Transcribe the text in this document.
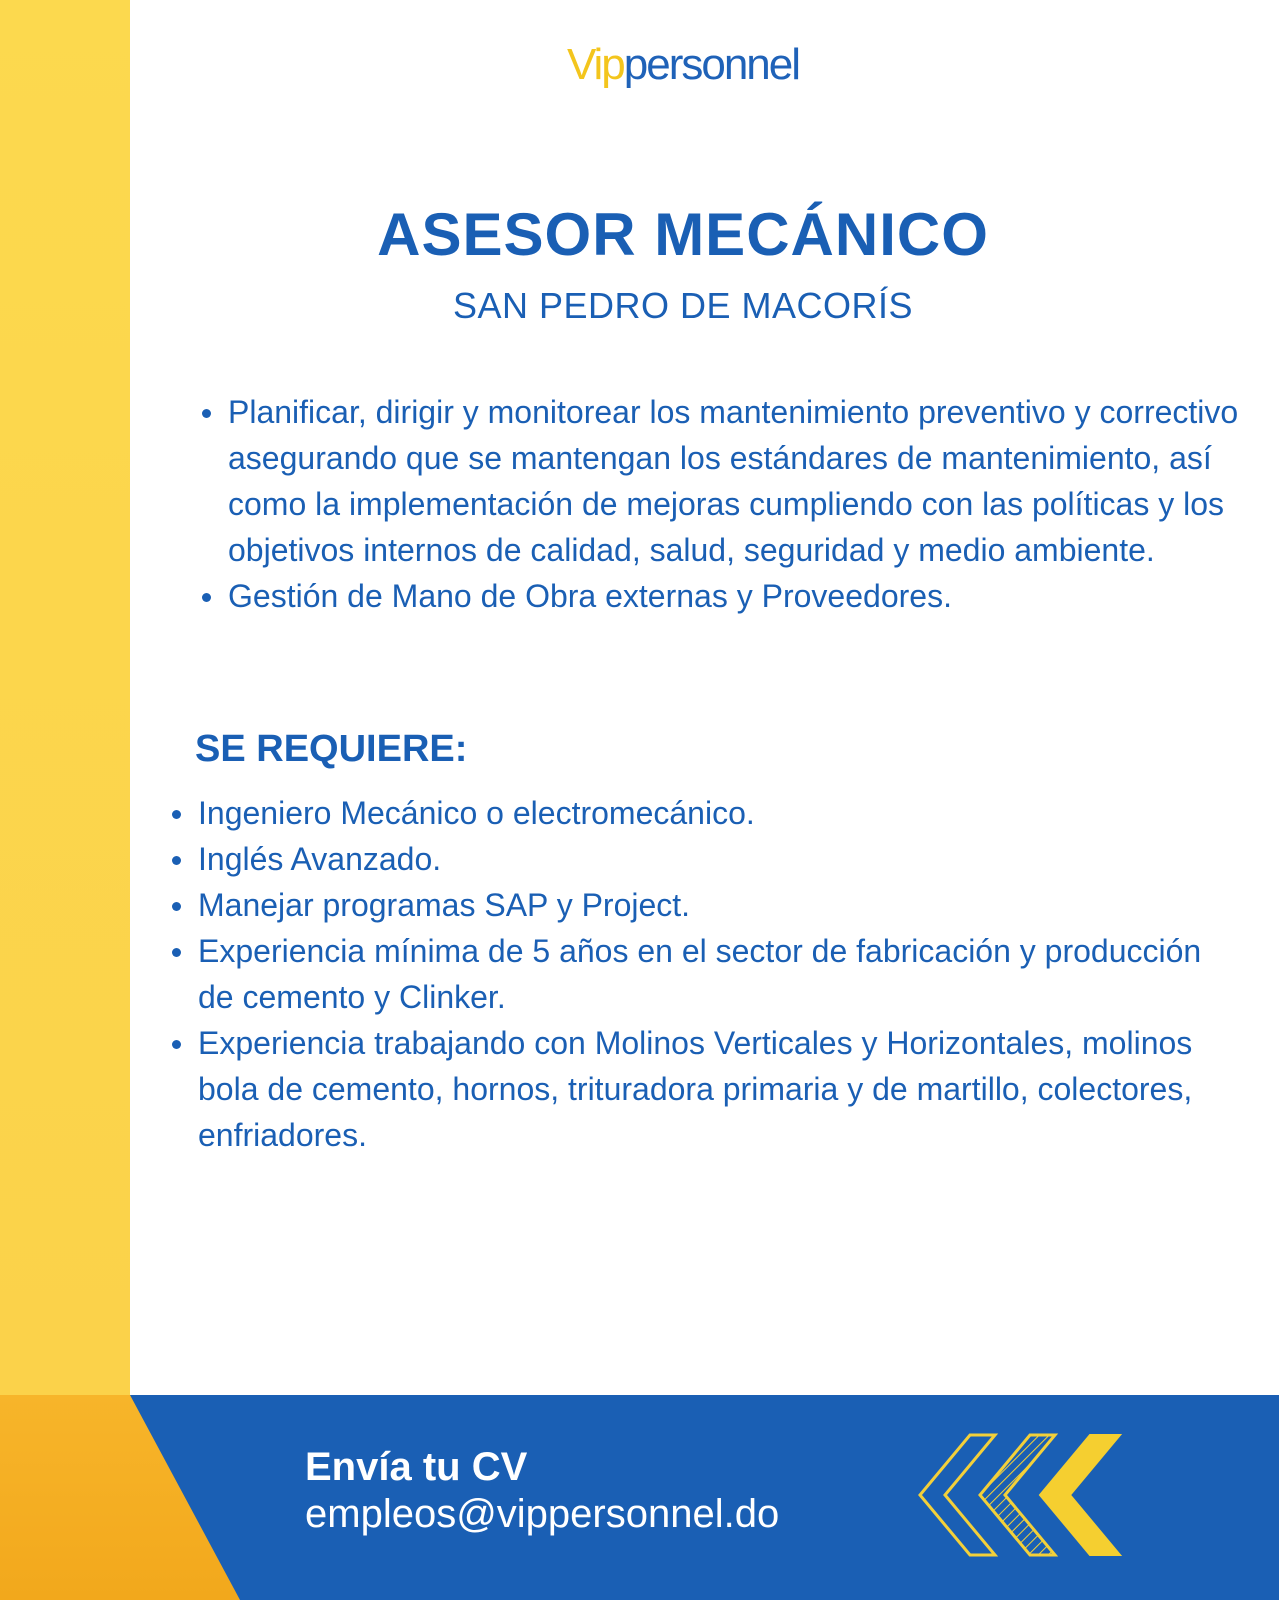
Vippersonnel
ASESOR MECÁNICO

SAN PEDRO DE MACORÍS

Planificar, dirigir y monitorear los mantenimiento preventivo y correctivo asegurando que se mantengan los estándares de mantenimiento, así como la implementación de mejoras cumpliendo con las políticas y los objetivos internos de calidad, salud, seguridad y medio ambiente.
Gestión de Mano de Obra externas y Proveedores.
SE REQUIERE:
Ingeniero Mecánico o electromecánico.
Inglés Avanzado.
Manejar programas SAP y Project.
Experiencia mínima de 5 años en el sector de fabricación y producción de cemento y Clinker.
Experiencia trabajando con Molinos Verticales y Horizontales, molinos bola de cemento, hornos, trituradora primaria y de martillo, colectores, enfriadores.

Envía tu CV

empleos@vippersonnel.do
